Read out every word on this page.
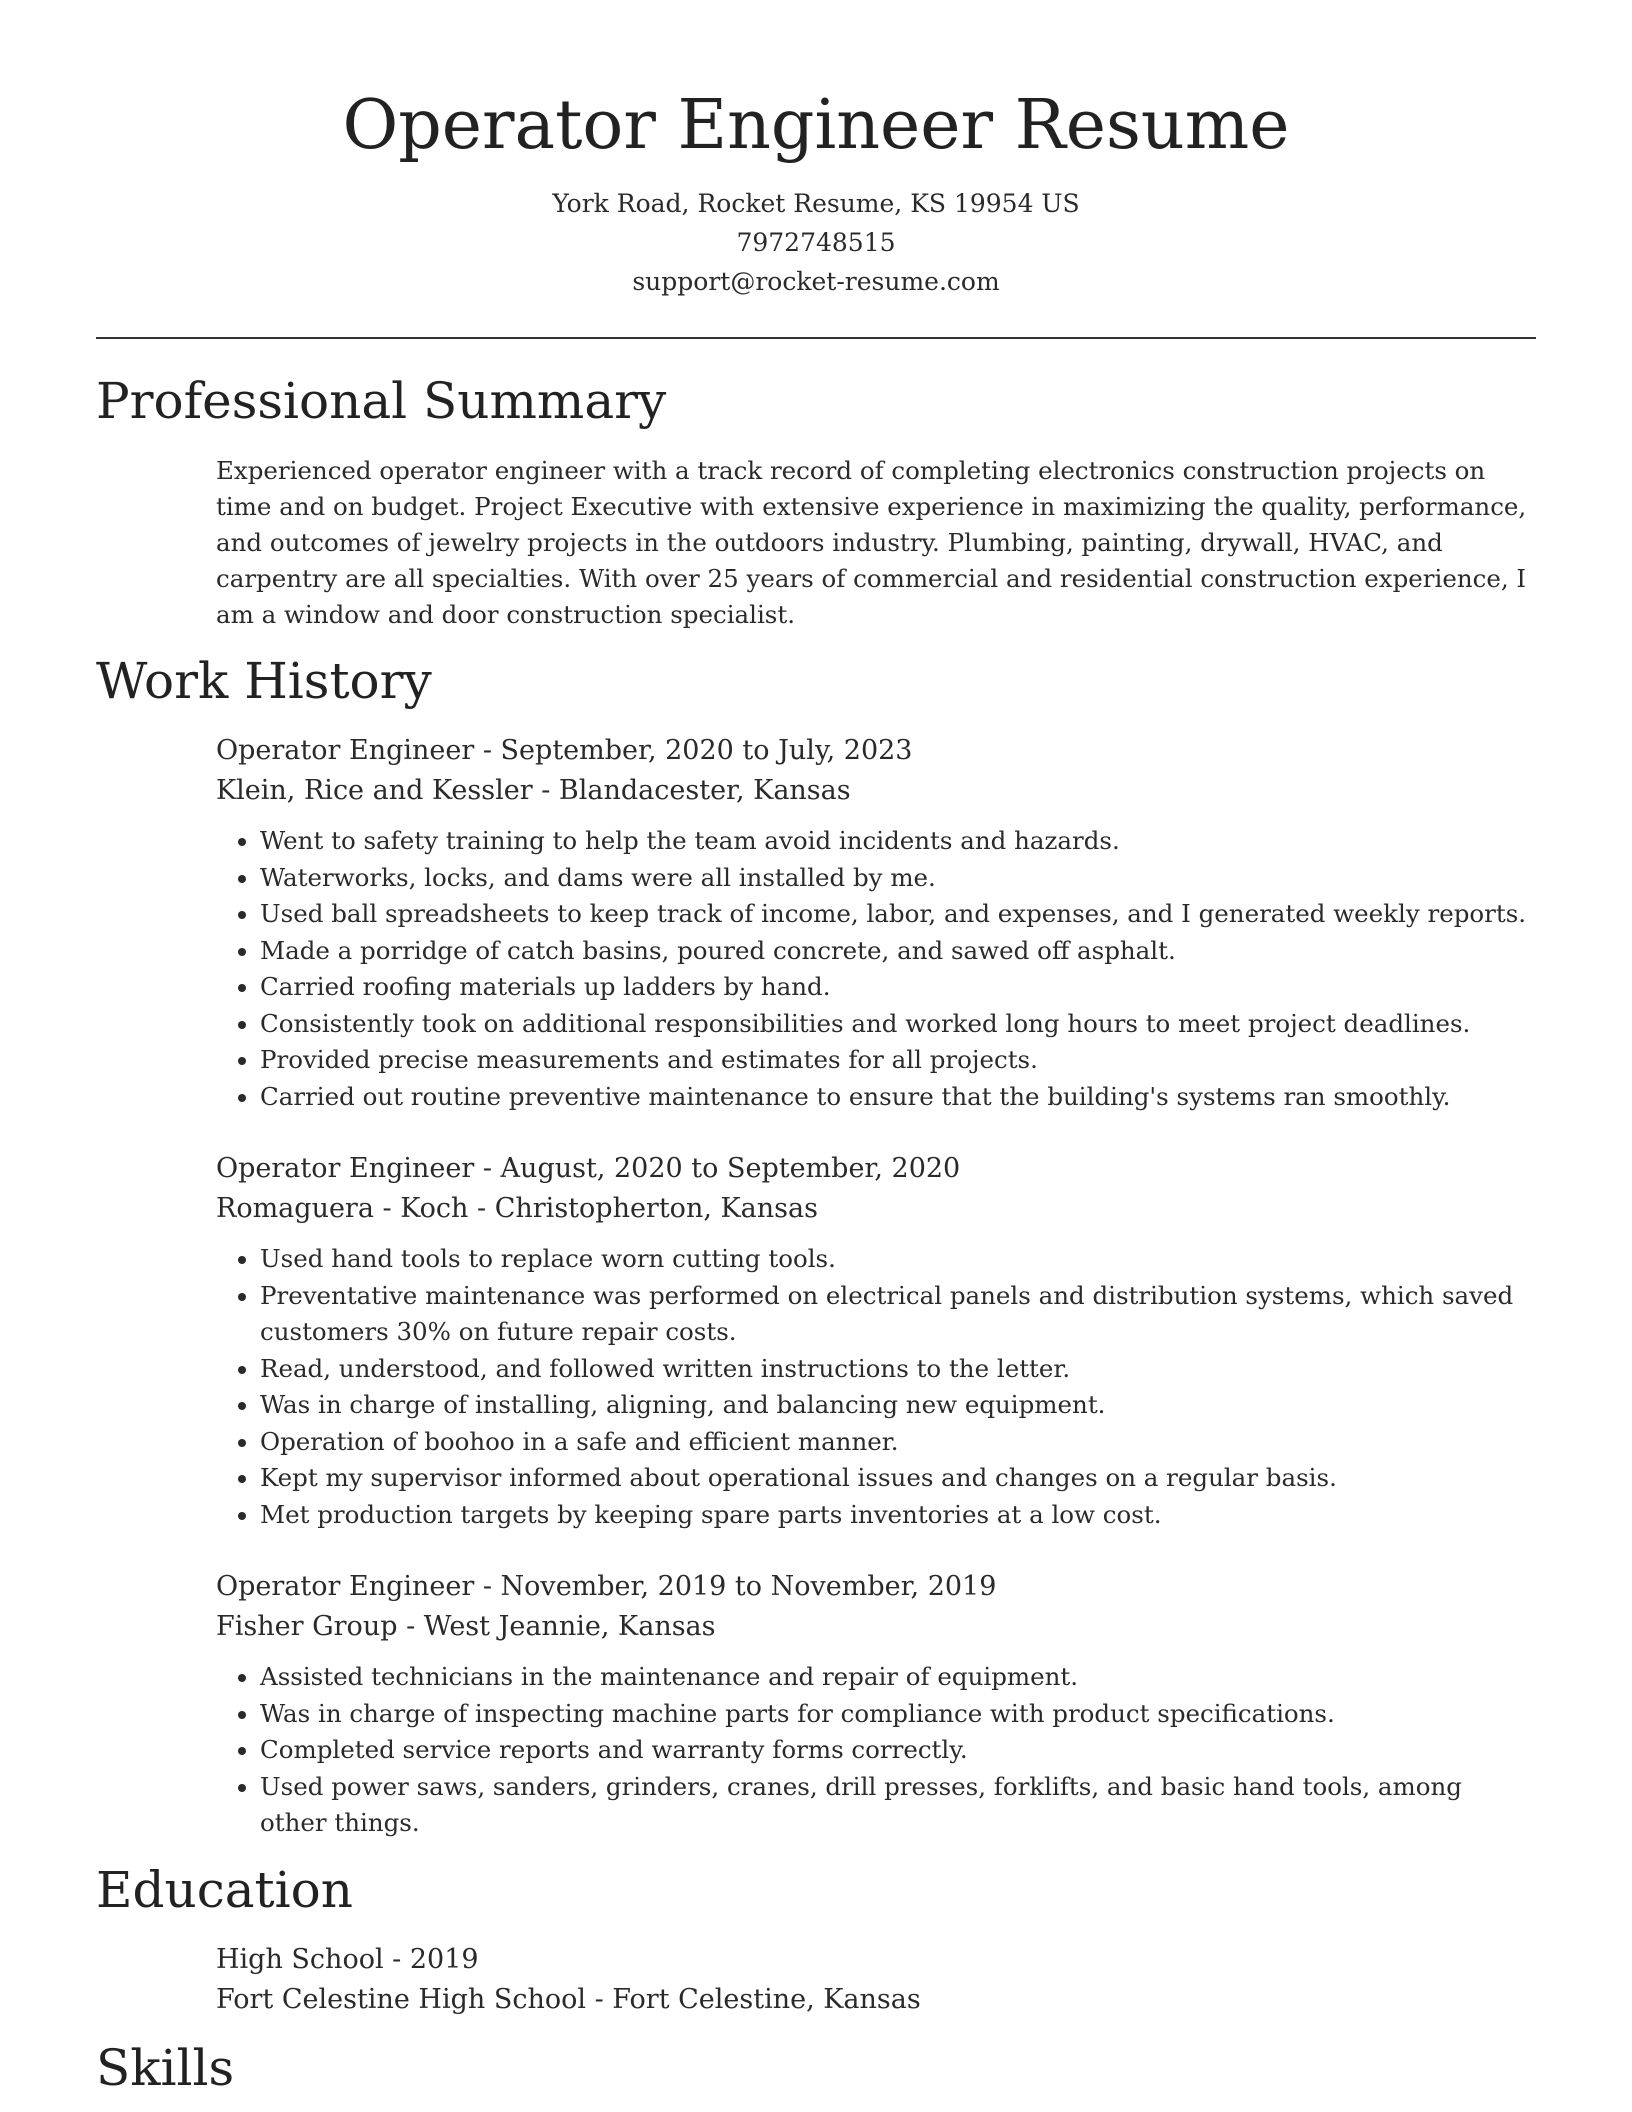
Operator Engineer Resume
York Road, Rocket Resume, KS 19954 US
7972748515
support@rocket-resume.com
Professional Summary
Experienced operator engineer with a track record of completing electronics construction projects on time and on budget. Project Executive with extensive experience in maximizing the quality, performance, and outcomes of jewelry projects in the outdoors industry. Plumbing, painting, drywall, HVAC, and carpentry are all specialties. With over 25 years of commercial and residential construction experience, I am a window and door construction specialist.
Work History
Operator Engineer - September, 2020 to July, 2023
Klein, Rice and Kessler - Blandacester, Kansas
• Went to safety training to help the team avoid incidents and hazards.
• Waterworks, locks, and dams were all installed by me.
• Used ball spreadsheets to keep track of income, labor, and expenses, and I generated weekly reports.
• Made a porridge of catch basins, poured concrete, and sawed off asphalt.
• Carried roofing materials up ladders by hand.
• Consistently took on additional responsibilities and worked long hours to meet project deadlines.
• Provided precise measurements and estimates for all projects.
• Carried out routine preventive maintenance to ensure that the building's systems ran smoothly.
Operator Engineer - August, 2020 to September, 2020
Romaguera - Koch - Christopherton, Kansas
• Used hand tools to replace worn cutting tools.
• Preventative maintenance was performed on electrical panels and distribution systems, which saved customers 30% on future repair costs.
• Read, understood, and followed written instructions to the letter.
• Was in charge of installing, aligning, and balancing new equipment.
• Operation of boohoo in a safe and efficient manner.
• Kept my supervisor informed about operational issues and changes on a regular basis.
• Met production targets by keeping spare parts inventories at a low cost.
Operator Engineer - November, 2019 to November, 2019
Fisher Group - West Jeannie, Kansas
• Assisted technicians in the maintenance and repair of equipment.
• Was in charge of inspecting machine parts for compliance with product specifications.
• Completed service reports and warranty forms correctly.
• Used power saws, sanders, grinders, cranes, drill presses, forklifts, and basic hand tools, among other things.
Education
High School - 2019
Fort Celestine High School - Fort Celestine, Kansas
Skills
